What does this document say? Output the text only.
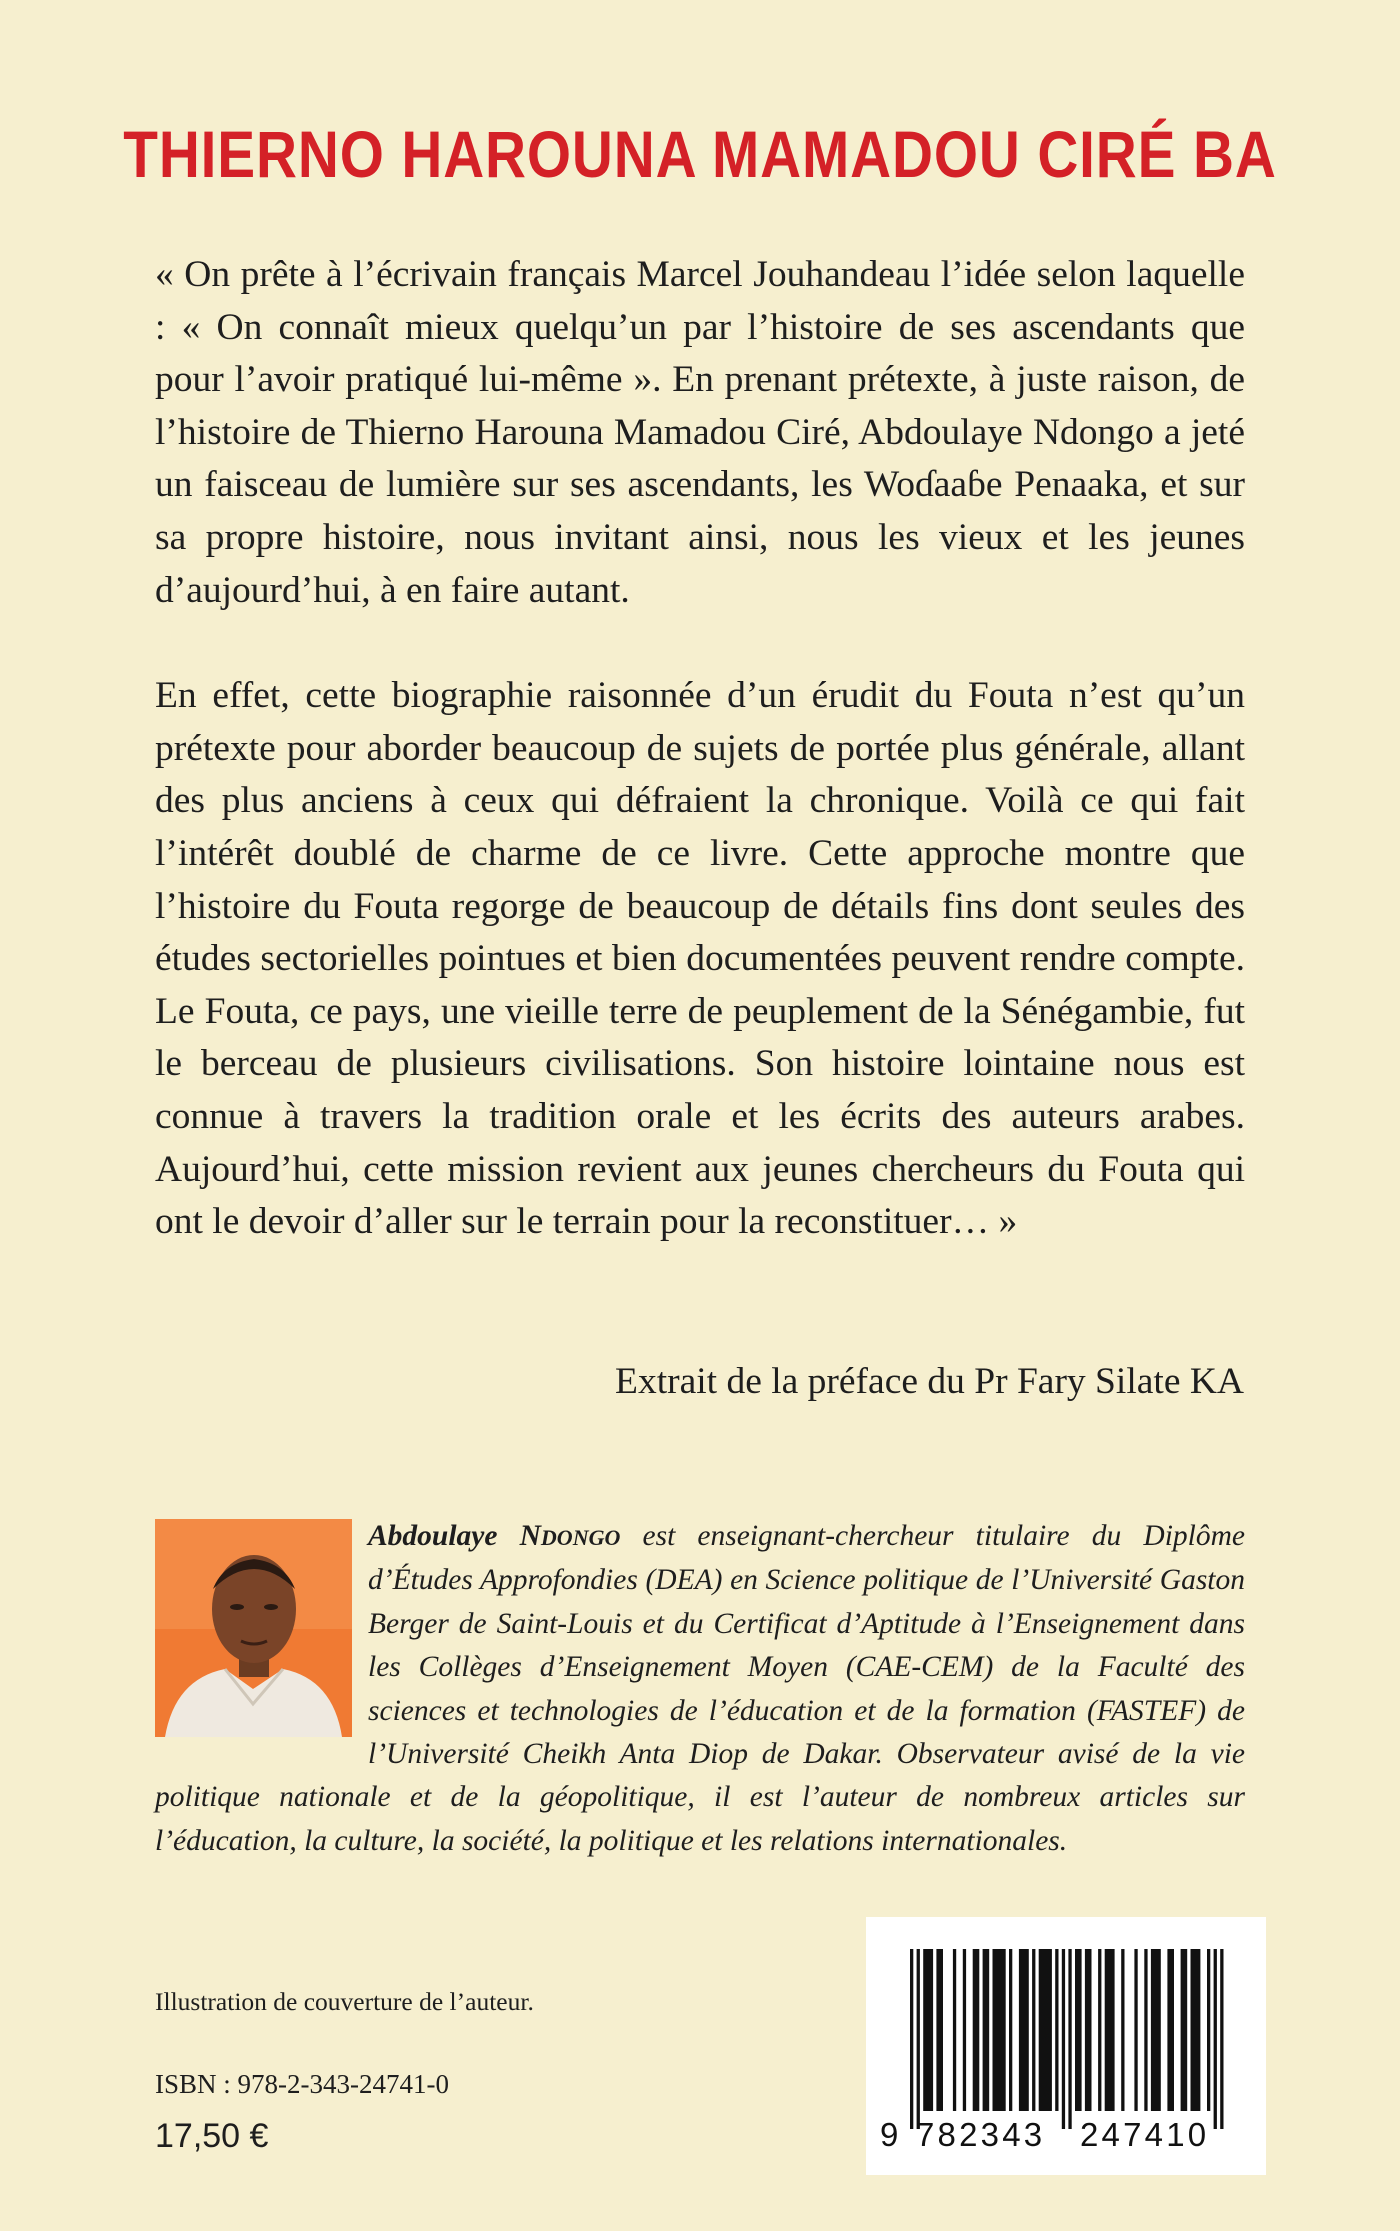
THIERNO HAROUNA MAMADOU CIRÉ BA

« On prête à l’écrivain français Marcel Jouhandeau l’idée selon laquelle : « On connaît mieux quelqu’un par l’histoire de ses ascendants que pour l’avoir pratiqué lui-même ». En prenant prétexte, à juste raison, de l’histoire de Thierno Harouna Mamadou Ciré, Abdoulaye Ndongo a jeté un faisceau de lumière sur ses ascendants, les Woɗaaɓe Penaaka, et sur sa propre histoire, nous invitant ainsi, nous les vieux et les jeunes d’aujourd’hui, à en faire autant.

En effet, cette biographie raisonnée d’un érudit du Fouta n’est qu’un prétexte pour aborder beaucoup de sujets de portée plus générale, allant des plus anciens à ceux qui défraient la chronique. Voilà ce qui fait l’intérêt doublé de charme de ce livre. Cette approche montre que l’histoire du Fouta regorge de beaucoup de détails fins dont seules des études sectorielles pointues et bien documentées peuvent rendre compte. Le Fouta, ce pays, une vieille terre de peuplement de la Sénégambie, fut le berceau de plusieurs civilisations. Son histoire lointaine nous est connue à travers la tradition orale et les écrits des auteurs arabes. Aujourd’hui, cette mission revient aux jeunes chercheurs du Fouta qui ont le devoir d’aller sur le terrain pour la reconstituer… »

Extrait de la préface du Pr Fary Silate KA

Abdoulaye NDONGO est enseignant-chercheur titulaire du Diplôme d’Études Approfondies (DEA) en Science politique de l’Université Gaston Berger de Saint-Louis et du Certificat d’Aptitude à l’Enseignement dans les Collèges d’Enseignement Moyen (CAE-CEM) de la Faculté des sciences et technologies de l’éducation et de la formation (FASTEF) de l’Université Cheikh Anta Diop de Dakar. Observateur avisé de la vie politique nationale et de la géopolitique, il est l’auteur de nombreux articles sur l’éducation, la culture, la société, la politique et les relations internationales.

Illustration de couverture de l’auteur.

ISBN : 978-2-343-24741-0

17,50 €	9 782343 247410
